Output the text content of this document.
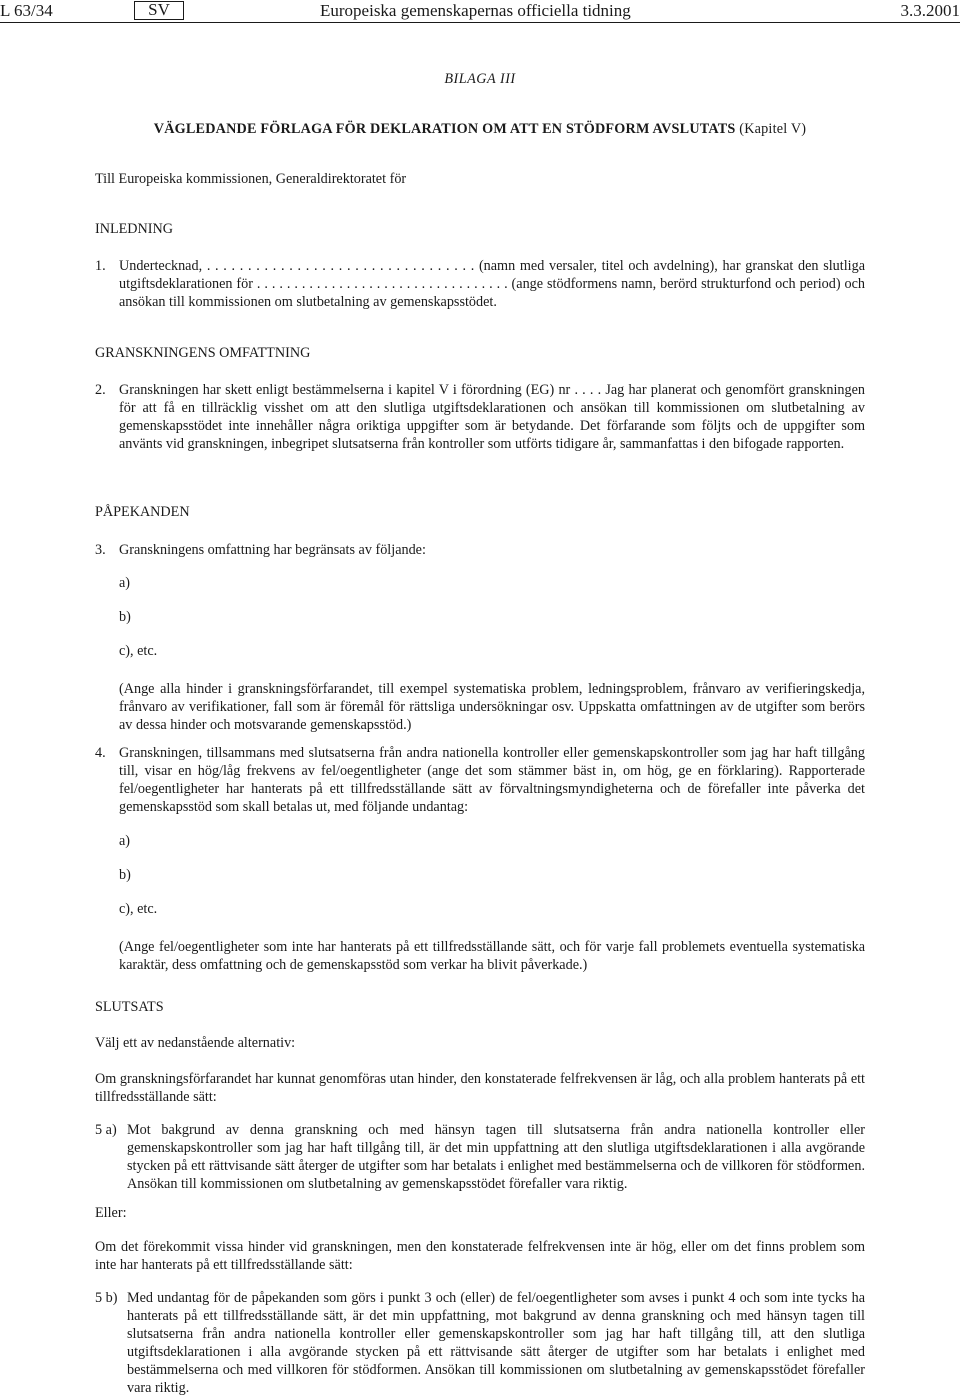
L 63/34	SV	Europeiska gemenskapernas officiella tidning	3.3.2001
BILAGA III
VÄGLEDANDE FÖRLAGA FÖR DEKLARATION OM ATT EN STÖDFORM AVSLUTATS (Kapitel V)
Till Europeiska kommissionen, Generaldirektoratet för
INLEDNING
1. Undertecknad, . . . . . . . . . . . . . . . . . . . . . . . . . . . . . . . . . (namn med versaler, titel och avdelning), har granskat den slutliga utgiftsdeklarationen för . . . . . . . . . . . . . . . . . . . . . . . . . . . . . . . . . . (ange stödformens namn, berörd strukturfond och period) och ansökan till kommissionen om slutbetalning av gemenskapsstödet.
GRANSKNINGENS OMFATTNING
2. Granskningen har skett enligt bestämmelserna i kapitel V i förordning (EG) nr . . . . Jag har planerat och genomfört granskningen för att få en tillräcklig visshet om att den slutliga utgiftsdeklarationen och ansökan till kommissionen om slutbetalning av gemenskapsstödet inte innehåller några oriktiga uppgifter som är betydande. Det förfarande som följts och de uppgifter som använts vid granskningen, inbegripet slutsatserna från kontroller som utförts tidigare år, sammanfattas i den bifogade rapporten.
PÅPEKANDEN
3. Granskningens omfattning har begränsats av följande:
a)
b)
c), etc.
(Ange alla hinder i granskningsförfarandet, till exempel systematiska problem, ledningsproblem, frånvaro av verifieringskedja, frånvaro av verifikationer, fall som är föremål för rättsliga undersökningar osv. Uppskatta omfattningen av de utgifter som berörs av dessa hinder och motsvarande gemenskapsstöd.)
4. Granskningen, tillsammans med slutsatserna från andra nationella kontroller eller gemenskapskontroller som jag har haft tillgång till, visar en hög/låg frekvens av fel/oegentligheter (ange det som stämmer bäst in, om hög, ge en förklaring). Rapporterade fel/oegentligheter har hanterats på ett tillfredsställande sätt av förvaltningsmyndigheterna och de förefaller inte påverka det gemenskapsstöd som skall betalas ut, med följande undantag:
a)
b)
c), etc.
(Ange fel/oegentligheter som inte har hanterats på ett tillfredsställande sätt, och för varje fall problemets eventuella systematiska karaktär, dess omfattning och de gemenskapsstöd som verkar ha blivit påverkade.)
SLUTSATS
Välj ett av nedanstående alternativ:
Om granskningsförfarandet har kunnat genomföras utan hinder, den konstaterade felfrekvensen är låg, och alla problem hanterats på ett tillfredsställande sätt:
5 a) Mot bakgrund av denna granskning och med hänsyn tagen till slutsatserna från andra nationella kontroller eller gemenskapskontroller som jag har haft tillgång till, är det min uppfattning att den slutliga utgiftsdeklarationen i alla avgörande stycken på ett rättvisande sätt återger de utgifter som har betalats i enlighet med bestämmelserna och de villkoren för stödformen. Ansökan till kommissionen om slutbetalning av gemenskapsstödet förefaller vara riktig.
Eller:
Om det förekommit vissa hinder vid granskningen, men den konstaterade felfrekvensen inte är hög, eller om det finns problem som inte har hanterats på ett tillfredsställande sätt:
5 b) Med undantag för de påpekanden som görs i punkt 3 och (eller) de fel/oegentligheter som avses i punkt 4 och som inte tycks ha hanterats på ett tillfredsställande sätt, är det min uppfattning, mot bakgrund av denna granskning och med hänsyn tagen till slutsatserna från andra nationella kontroller eller gemenskapskontroller som jag har haft tillgång till, att den slutliga utgiftsdeklarationen i alla avgörande stycken på ett rättvisande sätt återger de utgifter som har betalats i enlighet med bestämmelserna och med villkoren för stödformen. Ansökan till kommissionen om slutbetalning av gemenskapsstödet förefaller vara riktig.
